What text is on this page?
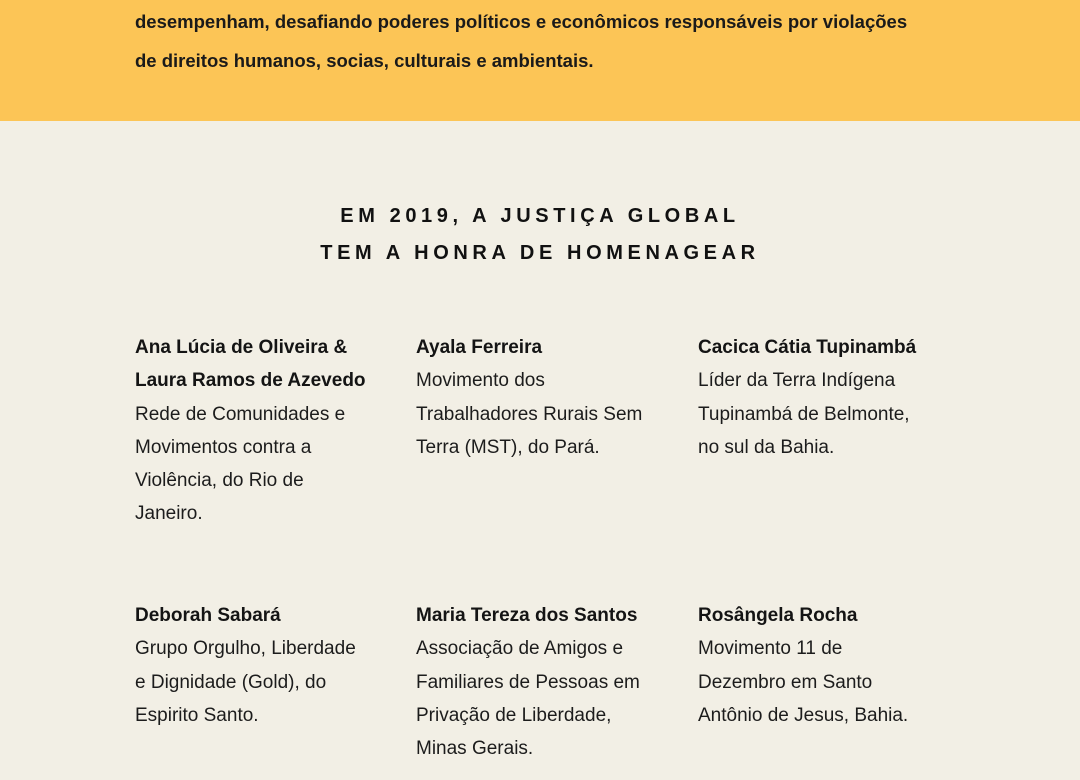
desempenham, desafiando poderes políticos e econômicos responsáveis por violações
de direitos humanos, socias, culturais e ambientais.

EM 2019, A JUSTIÇA GLOBAL
TEM A HONRA DE HOMENAGEAR
Ana Lúcia de Oliveira &
Laura Ramos de Azevedo
Rede de Comunidades e
Movimentos contra a
Violência, do Rio de
Janeiro.
Ayala Ferreira
Movimento dos
Trabalhadores Rurais Sem
Terra (MST), do Pará.
Cacica Cátia Tupinambá
Líder da Terra Indígena
Tupinambá de Belmonte,
no sul da Bahia.
Deborah Sabará
Grupo Orgulho, Liberdade
e Dignidade (Gold), do
Espirito Santo.
Maria Tereza dos Santos
Associação de Amigos e
Familiares de Pessoas em
Privação de Liberdade,
Minas Gerais.
Rosângela Rocha
Movimento 11 de
Dezembro em Santo
Antônio de Jesus, Bahia.
